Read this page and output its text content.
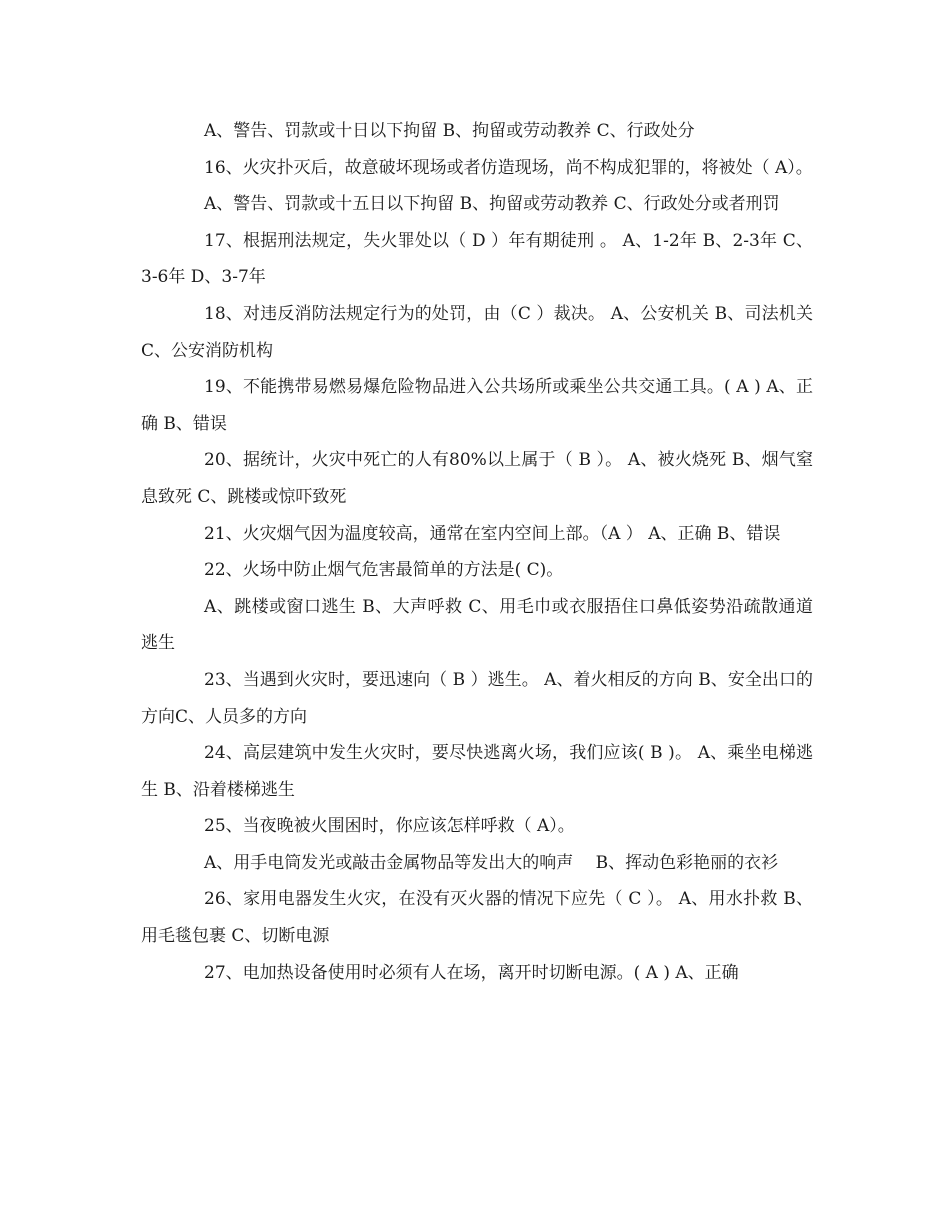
A、警告、罚款或十日以下拘留 B、拘留或劳动教养 C、行政处分

16、火灾扑灭后，故意破坏现场或者仿造现场，尚不构成犯罪的，将被处（ A）。

A、警告、罚款或十五日以下拘留 B、拘留或劳动教养 C、行政处分或者刑罚

17、根据刑法规定，失火罪处以（ D ）年有期徒刑 。 A、1-2年 B、2-3年 C、3-6年 D、3-7年

18、对违反消防法规定行为的处罚，由（C ）裁决。 A、公安机关 B、司法机关 C、公安消防机构

19、不能携带易燃易爆危险物品进入公共场所或乘坐公共交通工具。( A ) A、正确 B、错误

20、据统计，火灾中死亡的人有80%以上属于（ B ）。 A、被火烧死 B、烟气窒息致死 C、跳楼或惊吓致死

21、火灾烟气因为温度较高，通常在室内空间上部。（A ） A、正确 B、错误

22、火场中防止烟气危害最简单的方法是( C)。

A、跳楼或窗口逃生 B、大声呼救 C、用毛巾或衣服捂住口鼻低姿势沿疏散通道逃生

23、当遇到火灾时，要迅速向（ B ）逃生。 A、着火相反的方向 B、安全出口的方向C、人员多的方向

24、高层建筑中发生火灾时，要尽快逃离火场，我们应该( B )。 A、乘坐电梯逃生 B、沿着楼梯逃生

25、当夜晚被火围困时，你应该怎样呼救（ A）。

A、用手电筒发光或敲击金属物品等发出大的响声　 B、挥动色彩艳丽的衣衫

26、家用电器发生火灾，在没有灭火器的情况下应先（ C ）。 A、用水扑救 B、用毛毯包裹 C、切断电源

27、电加热设备使用时必须有人在场，离开时切断电源。( A ) A、正确
